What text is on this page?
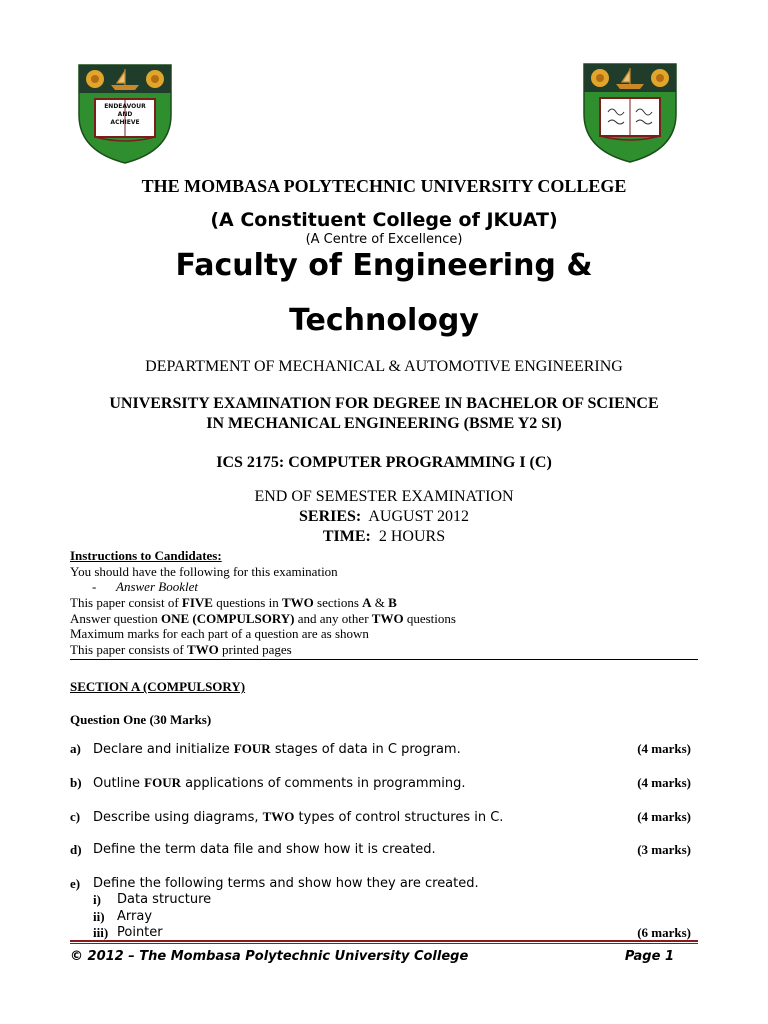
ENDEAVOUR
AND
ACHIEVE
THE MOMBASA POLYTECHNIC UNIVERSITY COLLEGE
(A Constituent College of JKUAT)
(A Centre of Excellence)
Faculty of Engineering &
Technology
DEPARTMENT OF MECHANICAL & AUTOMOTIVE ENGINEERING
UNIVERSITY EXAMINATION FOR DEGREE IN BACHELOR OF SCIENCE
IN MECHANICAL ENGINEERING (BSME Y2 SI)
ICS 2175: COMPUTER PROGRAMMING I (C)
END OF SEMESTER EXAMINATION
SERIES: AUGUST 2012
TIME: 2 HOURS
Instructions to Candidates:
You should have the following for this examination
- Answer Booklet
This paper consist of FIVE questions in TWO sections A & B
Answer question ONE (COMPULSORY) and any other TWO questions
Maximum marks for each part of a question are as shown
This paper consists of TWO printed pages
SECTION A (COMPULSORY)
Question One (30 Marks)
a) Declare and initialize FOUR stages of data in C program.	(4 marks)
b) Outline FOUR applications of comments in programming.	(4 marks)
c) Describe using diagrams, TWO types of control structures in C.	(4 marks)
d) Define the term data file and show how it is created.	(3 marks)
e) Define the following terms and show how they are created.
i) Data structure
ii) Array
iii) Pointer	(6 marks)
© 2012 – The Mombasa Polytechnic University College	Page 1
